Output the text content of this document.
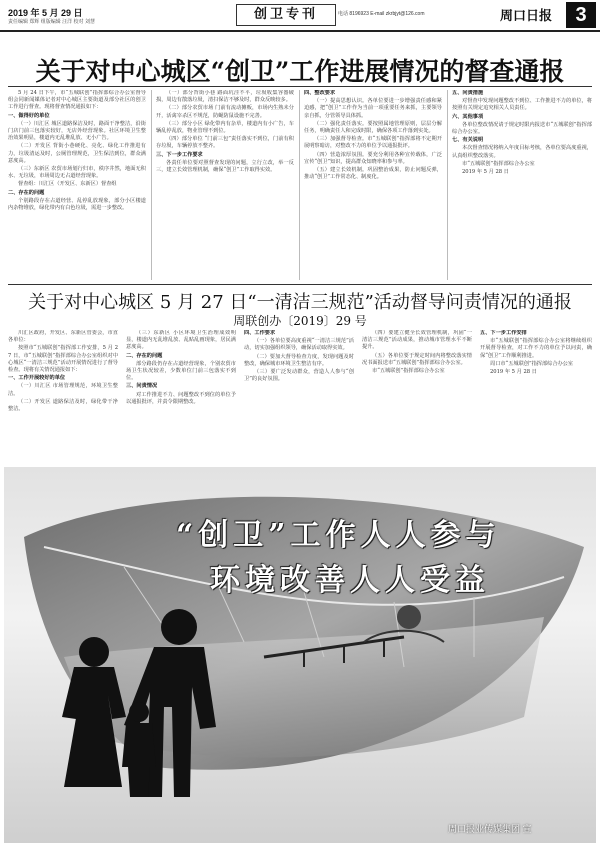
2019 年 5 月 29 日
责任编辑 郑辉 组版编辑 汪洋 校对 刘慧	创卫专刊	电话 8196923 E-mail zkrbjyt@126.com	周口日报	3
关于对中心城区“创卫”工作进展情况的督查通报

5 月 24 日下午，市“五城联创”指挥部综合办公室督导组会同新闻媒体记者对中心城区主要街道及部分社区的创卫工作进行督查。现将督查情况通报如下：

一、做得好的单位

（一）川汇区 城区道路保洁及时，路面干净整洁，沿街门店门前三包落实较好，无店外经营现象。社区环境卫生整治效果明显，楼道内无乱堆乱放、无小广告。

（二）开发区 背街小巷硬化、亮化、绿化工作推进有力，垃圾清运及时，公厕管理规范，卫生保洁到位，群众满意度高。

（三）东新区 农贸市场划行归市，秩序井然，地面无积水、无垃圾，市场周边无占道经营现象。

督查组：川汇区（开发区、东新区）督查组

二、存在的问题

个别路段存在占道经营、乱停乱放现象，部分小区楼道内杂物堆放，绿化带内有白色垃圾，需进一步整改。

（一）部分背街小巷 路面坑洼不平，垃圾收集容器破损，周边有散落垃圾，清扫保洁不够及时，群众反映较多。

（二）部分农贸市场 门前有流动摊贩，市场内生熟未分开，活禽宰杀区不规范，防蝇防鼠设施不完善。

（三）部分小区 绿化带内有杂草，楼道内有小广告，车辆乱停乱放，物业管理不到位。

（四）部分单位 “门前三包”责任落实不到位，门前有积存垃圾，车辆停放不整齐。

三、下一步工作要求

各责任单位要对照督查发现的问题，立行立改，举一反三，建立长效管理机制，确保“创卫”工作取得实效。

四、整改要求

（一）提高思想认识。各单位要进一步增强责任感和紧迫感，把“创卫”工作作为当前一项重要任务来抓，主要领导亲自抓，分管领导具体抓。

（二）强化责任落实。要按照属地管理原则，层层分解任务，明确责任人和完成时限，确保各项工作落到实处。

（三）加强督导检查。市“五城联创”指挥部将不定期开展明察暗访，对整改不力的单位予以通报批评。

（四）营造浓厚氛围。要充分利用各种宣传载体，广泛宣传“创卫”知识，提高群众知晓率和参与率。

（五）建立长效机制。巩固整治成果，防止问题反弹，推动“创卫”工作常态化、制度化。

五、问责措施

对督查中发现问题整改不到位、工作推进不力的单位，将按照有关规定追究相关人员责任。

六、其他事项

各单位整改情况请于规定时限内报送市“五城联创”指挥部综合办公室。

七、有关说明

本次督查情况将纳入年度目标考核，各单位要高度重视，认真组织整改落实。

市“五城联创”指挥部综合办公室

2019 年 5 月 28 日

关于对中心城区 5 月 27 日“一清洁三规范”活动督导问责情况的通报
周联创办〔2019〕29 号

川汇区政府，开发区、东新区管委会，市直各单位：

按照市“五城联创”指挥部工作安排，5 月 27 日，市“五城联创”指挥部综合办公室组织对中心城区“一清洁三规范”活动开展情况进行了督导检查。现将有关情况通报如下：

一、工作开展较好的单位

（一）川汇区 市场管理规范，环境卫生整洁。

（二）开发区 道路保洁及时，绿化带干净整洁。

（三）东新区 小区环境卫生治理成效明显，楼道内无乱堆乱放、乱贴乱画现象，居民满意度高。

二、存在的问题

部分路段仍存在占道经营现象，个别农贸市场卫生状况较差，少数单位门前三包落实不到位。

三、问责情况

对工作推进不力、问题整改不到位的单位予以通报批评，并责令限期整改。

四、工作要求

（一）各单位要高度重视“一清洁三规范”活动，切实加强组织领导，确保活动取得实效。

（二）要加大督导检查力度，发现问题及时整改，确保城市环境卫生整洁有序。

（三）要广泛发动群众，营造人人参与“创卫”的良好氛围。

（四）要建立健全长效管理机制，巩固“一清洁三规范”活动成果，推动城市管理水平不断提升。

（五）各单位要于规定时间内将整改落实情况书面报送市“五城联创”指挥部综合办公室。

市“五城联创”指挥部综合办公室

五、下一步工作安排

市“五城联创”指挥部综合办公室将继续组织开展督导检查，对工作不力的单位予以问责，确保“创卫”工作顺利推进。

周口市“五城联创”指挥部综合办公室

2019 年 5 月 28 日

“创卫”工作人人参与
环境改善人人受益
周口报业传媒集团 宣
